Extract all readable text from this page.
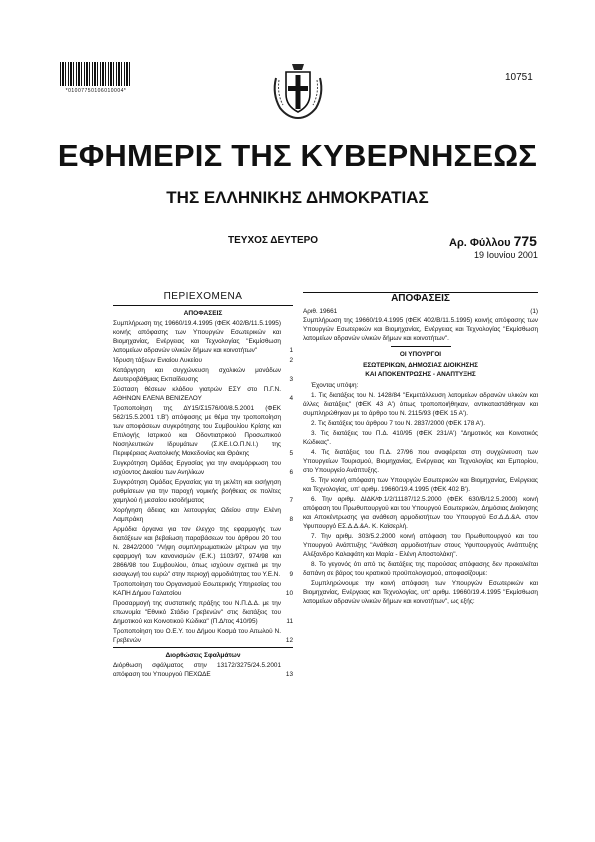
*01007750106010004*
10751
ΕΦΗΜΕΡΙΣ ΤΗΣ ΚΥΒΕΡΝΗΣΕΩΣ
ΤΗΣ ΕΛΛΗΝΙΚΗΣ ΔΗΜΟΚΡΑΤΙΑΣ
ΤΕΥΧΟΣ ΔΕΥΤΕΡΟ	Αρ. Φύλλου 775
19 Ιουνίου 2001
ΠΕΡΙΕΧΟΜΕΝΑ
ΑΠΟΦΑΣΕΙΣ
Συμπλήρωση της 19660/19.4.1995 (ΦΕΚ 402/Β/11.5.1995) κοινής απόφασης των Υπουργών Εσωτερικών και Βιομηχανίας, Ενέργειας και Τεχνολογίας "Εκμίσθωση λατομείων αδρανών υλικών δήμων και κοινοτήτων"	1
Ίδρυση τάξεων Ενιαίου Λυκείου	2
Κατάργηση και συγχώνευση σχολικών μονάδων Δευτεροβάθμιας Εκπαίδευσης	3
Σύσταση θέσεων κλάδου γιατρών ΕΣΥ στο Π.Γ.Ν. ΑΘΗΝΩΝ ΕΛΕΝΑ ΒΕΝΙΖΕΛΟΥ	4
Τροποποίηση της ΔΥ15/Σ1576/00/8.5.2001 (ΦΕΚ 562/15.5.2001 τ.Β') απόφασης με θέμα την τροποποίηση των αποφάσεων συγκρότησης του Συμβουλίου Κρίσης και Επιλογής Ιατρικού και Οδοντιατρικού Προσωπικού Νοσηλευτικών Ιδρυμάτων (Σ.ΚΕ.Ι.Ο.Π.Ν.Ι.) της Περιφέρειας Ανατολικής Μακεδονίας και Θράκης	5
Συγκρότηση Ομάδας Εργασίας για την αναμόρφωση του ισχύοντος Δικαίου των Ανηλίκων	6
Συγκρότηση Ομάδας Εργασίας για τη μελέτη και εισήγηση ρυθμίσεων για την παροχή νομικής βοήθειας σε πολίτες χαμηλού ή μεσαίου εισοδήματος	7
Χορήγηση άδειας και λειτουργίας Ωδείου στην Ελένη Λαμπράκη	8
Αρμόδια όργανα για τον έλεγχο της εφαρμογής των διατάξεων και βεβαίωση παραβάσεων του άρθρου 20 του Ν. 2842/2000 "Λήψη συμπληρωματικών μέτρων για την εφαρμογή των κανονισμών (Ε.Κ.) 1103/97, 974/98 και 2866/98 του Συμβουλίου, όπως ισχύουν σχετικά με την εισαγωγή του ευρώ" στην περιοχή αρμοδιότητας του Υ.Ε.Ν.	9
Τροποποίηση του Οργανισμού Εσωτερικής Υπηρεσίας του ΚΑΠΗ Δήμου Γαλατσίου	10
Προσαρμογή της συστατικής πράξης του Ν.Π.Δ.Δ. με την επωνυμία "Εθνικό Στάδιο Γρεβενών" στις διατάξεις του Δημοτικού και Κοινοτικού Κώδικα" (Π.Δ/τος 410/95)	11
Τροποποίηση του Ο.Ε.Υ. του Δήμου Κοσμά του Αιτωλού Ν. Γρεβενών	12
Διορθώσεις Σφαλμάτων
Διόρθωση σφάλματος στην 13172/3275/24.5.2001 απόφαση του Υπουργού ΠΕΧΩΔΕ	13
ΑΠΟΦΑΣΕΙΣ
Αριθ. 19661	(1)
Συμπλήρωση της 19660/19.4.1995 (ΦΕΚ 402/Β/11.5.1995) κοινής απόφασης των Υπουργών Εσωτερικών και Βιομηχανίας, Ενέργειας και Τεχνολογίας "Εκμίσθωση λατομείων αδρανών υλικών δήμων και κοινοτήτων".
ΟΙ ΥΠΟΥΡΓΟΙ
ΕΣΩΤΕΡΙΚΩΝ, ΔΗΜΟΣΙΑΣ ΔΙΟΙΚΗΣΗΣ
ΚΑΙ ΑΠΟΚΕΝΤΡΩΣΗΣ - ΑΝΑΠΤΥΞΗΣ
Έχοντας υπόψη:
1. Τις διατάξεις του Ν. 1428/84 "Εκμετάλλευση λατομείων αδρανών υλικών και άλλες διατάξεις" (ΦΕΚ 43 Α') όπως τροποποιήθηκαν, αντικαταστάθηκαν και συμπληρώθηκαν με το άρθρο του Ν. 2115/93 (ΦΕΚ 15 Α').
2. Τις διατάξεις του άρθρου 7 του Ν. 2837/2000 (ΦΕΚ 178 Α').
3. Τις διατάξεις του Π.Δ. 410/95 (ΦΕΚ 231/Α') "Δημοτικός και Κοινοτικός Κώδικας".
4. Τις διατάξεις του Π.Δ. 27/96 που αναφέρεται στη συγχώνευση των Υπουργείων Τουρισμού, Βιομηχανίας, Ενέργειας και Τεχνολογίας και Εμπορίου, στο Υπουργείο Ανάπτυξης.
5. Την κοινή απόφαση των Υπουργών Εσωτερικών και Βιομηχανίας, Ενέργειας και Τεχνολογίας, υπ' αριθμ. 19660/19.4.1995 (ΦΕΚ 402 Β').
6. Την αριθμ. ΔΙΔΚ/Φ.1/2/11187/12.5.2000 (ΦΕΚ 630/Β/12.5.2000) κοινή απόφαση του Πρωθυπουργού και του Υπουργού Εσωτερικών, Δημόσιας Διοίκησης και Αποκέντρωσης για ανάθεση αρμοδιοτήτων του Υπουργού Εσ.Δ.Δ.&Α. στον Υφυπουργό ΕΣ.Δ.Δ.&Α. Κ. Καϊσερλή.
7. Την αριθμ. 303/5.2.2000 κοινή απόφαση του Πρωθυπουργού και του Υπουργού Ανάπτυξης "Ανάθεση αρμοδιοτήτων στους Υφυπουργούς Ανάπτυξης Αλέξανδρο Καλαφάτη και Μαρία - Ελένη Αποστολάκη".
8. Το γεγονός ότι από τις διατάξεις της παρούσας απόφασης δεν προκαλείται δαπάνη σε βάρος του κρατικού προϋπολογισμού, αποφασίζουμε:
Συμπληρώνουμε την κοινή απόφαση των Υπουργών Εσωτερικών και Βιομηχανίας, Ενέργειας και Τεχνολογίας, υπ' αριθμ. 19660/19.4.1995 "Εκμίσθωση λατομείων αδρανών υλικών δήμων και κοινοτήτων", ως εξής:
